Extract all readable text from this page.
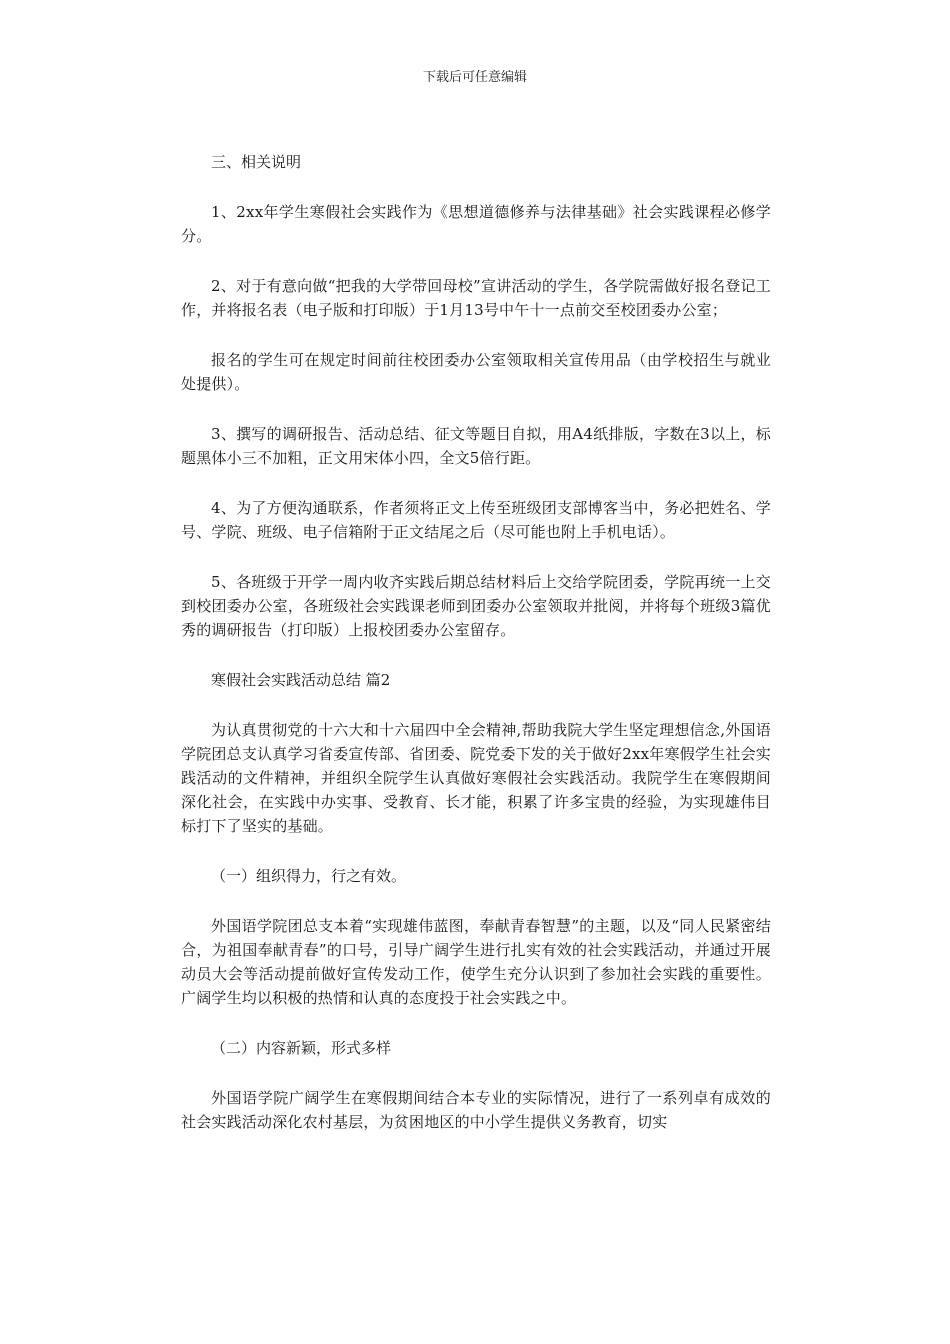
下载后可任意编辑

三、相关说明

1、2xx年学生寒假社会实践作为《思想道德修养与法律基础》社会实践课程必修学分。

2、对于有意向做“把我的大学带回母校”宣讲活动的学生，各学院需做好报名登记工作，并将报名表（电子版和打印版）于1月13号中午十一点前交至校团委办公室；

报名的学生可在规定时间前往校团委办公室领取相关宣传用品（由学校招生与就业处提供）。

3、撰写的调研报告、活动总结、征文等题目自拟，用A4纸排版，字数在3以上，标题黑体小三不加粗，正文用宋体小四，全文5倍行距。

4、为了方便沟通联系，作者须将正文上传至班级团支部博客当中，务必把姓名、学号、学院、班级、电子信箱附于正文结尾之后（尽可能也附上手机电话）。

5、各班级于开学一周内收齐实践后期总结材料后上交给学院团委，学院再统一上交到校团委办公室，各班级社会实践课老师到团委办公室领取并批阅，并将每个班级3篇优秀的调研报告（打印版）上报校团委办公室留存。

寒假社会实践活动总结 篇2

为认真贯彻党的十六大和十六届四中全会精神,帮助我院大学生坚定理想信念,外国语学院团总支认真学习省委宣传部、省团委、院党委下发的关于做好2xx年寒假学生社会实践活动的文件精神，并组织全院学生认真做好寒假社会实践活动。我院学生在寒假期间深化社会，在实践中办实事、受教育、长才能，积累了许多宝贵的经验，为实现雄伟目标打下了坚实的基础。

（一）组织得力，行之有效。

外国语学院团总支本着“实现雄伟蓝图，奉献青春智慧”的主题，以及“同人民紧密结合，为祖国奉献青春”的口号，引导广阔学生进行扎实有效的社会实践活动，并通过开展动员大会等活动提前做好宣传发动工作，使学生充分认识到了参加社会实践的重要性。广阔学生均以积极的热情和认真的态度投于社会实践之中。

（二）内容新颖，形式多样

外国语学院广阔学生在寒假期间结合本专业的实际情况，进行了一系列卓有成效的社会实践活动深化农村基层，为贫困地区的中小学生提供义务教育，切实
